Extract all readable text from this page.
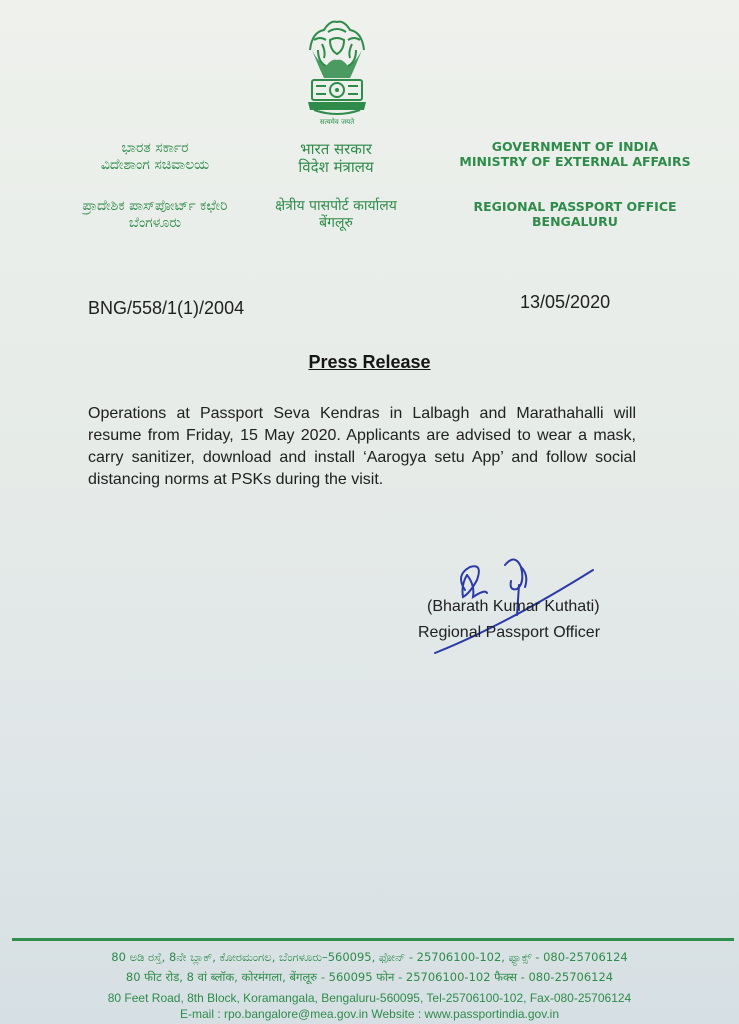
सत्यमेव जयते
ಭಾರತ ಸರ್ಕಾರ
ವಿದೇಶಾಂಗ ಸಚಿವಾಲಯ
ಪ್ರಾದೇಶಿಕ ಪಾಸ್‌ಪೋರ್ಟ್ ಕಛೇರಿ
ಬೆಂಗಳೂರು
भारत सरकार
विदेश मंत्रालय
क्षेत्रीय पासपोर्ट कार्यालय
बेंगलूरु
GOVERNMENT OF INDIA
MINISTRY OF EXTERNAL AFFAIRS
REGIONAL PASSPORT OFFICE
BENGALURU
BNG/558/1(1)/2004	13/05/2020
Press Release
Operations at Passport Seva Kendras in Lalbagh and Marathahalli will resume from Friday, 15 May 2020. Applicants are advised to wear a mask, carry sanitizer, download and install ‘Aarogya setu App’ and follow social distancing norms at PSKs during the visit.
(Bharath Kumar Kuthati)
Regional Passport Officer
80 ಅಡಿ ರಸ್ತೆ, 8ನೇ ಬ್ಲಾಕ್, ಕೋರಮಂಗಲ, ಬೆಂಗಳೂರು–560095, ಫೋನ್ - 25706100-102, ಫ್ಯಾಕ್ಸ್ - 080-25706124
80 फीट रोड, 8 वां ब्लॉक, कोरमंगला, बेंगलूरु - 560095 फोन - 25706100-102 फैक्स - 080-25706124
80 Feet Road, 8th Block, Koramangala, Bengaluru-560095, Tel-25706100-102, Fax-080-25706124
E-mail : rpo.bangalore@mea.gov.in Website : www.passportindia.gov.in
